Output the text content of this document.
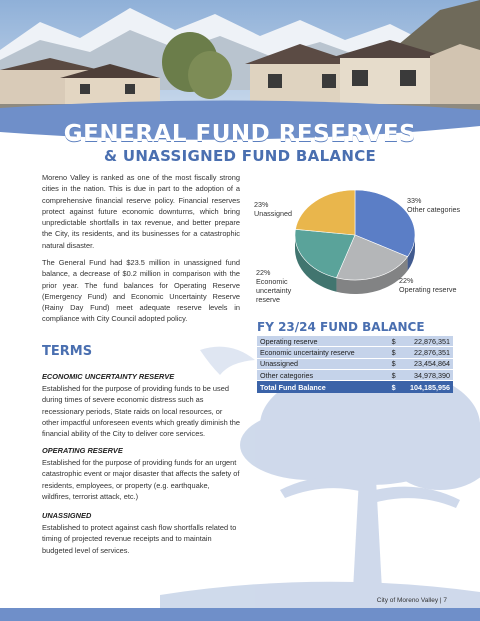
GENERAL FUND RESERVES
& UNASSIGNED FUND BALANCE

Moreno Valley is ranked as one of the most fiscally strong cities in the nation. This is due in part to the adoption of a comprehensive financial reserve policy. Financial reserves protect against future economic downturns, which bring unpredictable shortfalls in tax revenue, and better prepare the City, its residents, and its businesses for a catastrophic natural disaster.

The General Fund had $23.5 million in unassigned fund balance, a decrease of $0.2 million in comparison with the prior year. The fund balances for Operating Reserve (Emergency Fund) and Economic Uncertainty Reserve (Rainy Day Fund) meet adequate reserve levels in compliance with City Council adopted policy.

TERMS
ECONOMIC UNCERTAINTY RESERVE

Established for the purpose of providing funds to be used during times of severe economic distress such as recessionary periods, State raids on local resources, or other impactful unforeseen events which greatly diminish the financial ability of the City to deliver core services.

OPERATING RESERVE

Established for the purpose of providing funds for an urgent catastrophic event or major disaster that affects the safety of residents, employees, or property (e.g. earthquake, wildfires, terrorist attack, etc.)

UNASSIGNED

Established to protect against cash flow shortfalls related to timing of projected revenue receipts and to maintain budgeted level of services.

23%
Unassigned
33%
Other categories
22%
Economic
uncertainty
reserve
22%
Operating reserve
FY 23/24 FUND BALANCE
Operating reserve	$	22,876,351
Economic uncertainty reserve	$	22,876,351
Unassigned	$	23,454,864
Other categories	$	34,978,390
Total Fund Balance	$	104,185,956
City of Moreno Valley | 7
